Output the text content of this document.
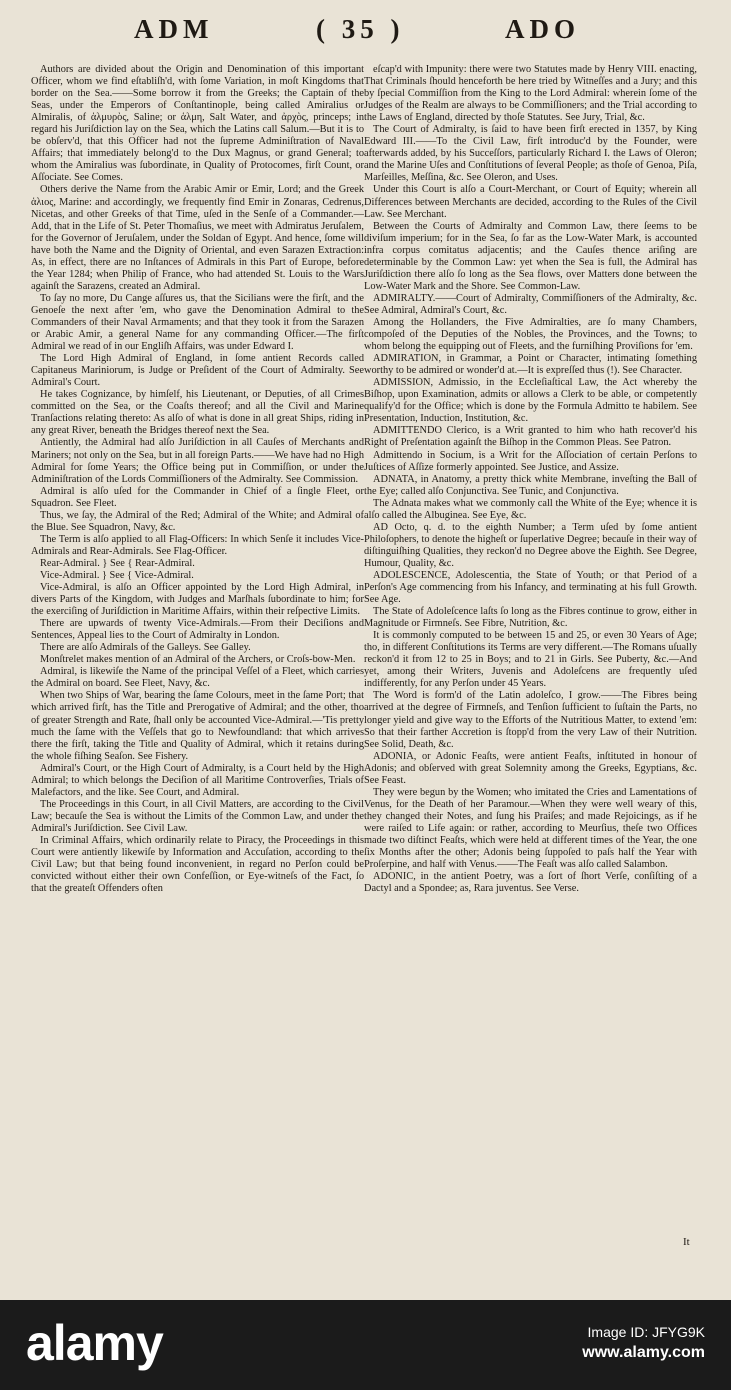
ADM	( 35 )	ADO

Authors are divided about the Origin and Denomination of this important Officer, whom we find eſtabliſh'd, with ſome Variation, in moſt Kingdoms that border on the Sea.——Some borrow it from the Greeks; the Captain of the Seas, under the Emperors of Conſtantinople, being called Amiralius or Almiralis, of ἁλμυρὸς, Saline; or ἁλμη, Salt Water, and ἀρχὸς, princeps; in regard his Juriſdiction lay on the Sea, which the Latins call Salum.—But it is to be obſerv'd, that this Officer had not the ſupreme Adminiſtration of Naval Affairs; that immediately belong'd to the Dux Magnus, or grand General; to whom the Amiralius was ſubordinate, in Quality of Protocomes, firſt Count, or Aſſociate. See Comes.

Others derive the Name from the Arabic Amir or Emir, Lord; and the Greek ἁλιος, Marine: and accordingly, we frequently find Emir in Zonaras, Cedrenus, Nicetas, and other Greeks of that Time, uſed in the Senſe of a Commander.—Add, that in the Life of St. Peter Thomaſius, we meet with Admiratus Jeruſalem, for the Governor of Jeruſalem, under the Soldan of Egypt. And hence, ſome will have both the Name and the Dignity of Oriental, and even Sarazen Extraction: As, in effect, there are no Inſtances of Admirals in this Part of Europe, before the Year 1284; when Philip of France, who had attended St. Louis to the Wars againſt the Sarazens, created an Admiral.

To ſay no more, Du Cange aſſures us, that the Sicilians were the firſt, and the Genoeſe the next after 'em, who gave the Denomination Admiral to the Commanders of their Naval Armaments; and that they took it from the Sarazen or Arabic Amir, a general Name for any commanding Officer.—The firſt Admiral we read of in our Engliſh Affairs, was under Edward I.

The Lord High Admiral of England, in ſome antient Records called Capitaneus Mariniorum, is Judge or Preſident of the Court of Admiralty. See Admiral's Court.

He takes Cognizance, by himſelf, his Lieutenant, or Deputies, of all Crimes committed on the Sea, or the Coaſts thereof; and all the Civil and Marine Tranſactions relating thereto: As alſo of what is done in all great Ships, riding in any great River, beneath the Bridges thereof next the Sea.

Antiently, the Admiral had alſo Juriſdiction in all Cauſes of Merchants and Mariners; not only on the Sea, but in all foreign Parts.——We have had no High Admiral for ſome Years; the Office being put in Commiſſion, or under the Adminiſtration of the Lords Commiſſioners of the Admiralty. See Commission.

Admiral is alſo uſed for the Commander in Chief of a ſingle Fleet, or Squadron. See Fleet.

Thus, we ſay, the Admiral of the Red; Admiral of the White; and Admiral of the Blue. See Squadron, Navy, &c.

The Term is alſo applied to all Flag-Officers: In which Senſe it includes Vice-Admirals and Rear-Admirals. See Flag-Officer.

Rear-Admiral. } See { Rear-Admiral.

Vice-Admiral. } See { Vice-Admiral.

Vice-Admiral, is alſo an Officer appointed by the Lord High Admiral, in divers Parts of the Kingdom, with Judges and Marſhals ſubordinate to him; for the exerciſing of Juriſdiction in Maritime Affairs, within their reſpective Limits.

There are upwards of twenty Vice-Admirals.—From their Deciſions and Sentences, Appeal lies to the Court of Admiralty in London.

There are alſo Admirals of the Galleys. See Galley.

Monſtrelet makes mention of an Admiral of the Archers, or Croſs-bow-Men.

Admiral, is likewiſe the Name of the principal Veſſel of a Fleet, which carries the Admiral on board. See Fleet, Navy, &c.

When two Ships of War, bearing the ſame Colours, meet in the ſame Port; that which arrived firſt, has the Title and Prerogative of Admiral; and the other, tho of greater Strength and Rate, ſhall only be accounted Vice-Admiral.—'Tis pretty much the ſame with the Veſſels that go to Newfoundland: that which arrives there the firſt, taking the Title and Quality of Admiral, which it retains during the whole fiſhing Seaſon. See Fishery.

Admiral's Court, or the High Court of Admiralty, is a Court held by the High Admiral; to which belongs the Deciſion of all Maritime Controverſies, Trials of Malefactors, and the like. See Court, and Admiral.

The Proceedings in this Court, in all Civil Matters, are according to the Civil Law; becauſe the Sea is without the Limits of the Common Law, and under the Admiral's Juriſdiction. See Civil Law.

In Criminal Affairs, which ordinarily relate to Piracy, the Proceedings in this Court were antiently likewiſe by Information and Accuſation, according to the Civil Law; but that being found inconvenient, in regard no Perſon could be convicted without either their own Confeſſion, or Eye-witneſs of the Fact, ſo that the greateſt Offenders often

eſcap'd with Impunity: there were two Statutes made by Henry VIII. enacting, That Criminals ſhould henceforth be here tried by Witneſſes and a Jury; and this by ſpecial Commiſſion from the King to the Lord Admiral: wherein ſome of the Judges of the Realm are always to be Commiſſioners; and the Trial according to the Laws of England, directed by thoſe Statutes. See Jury, Trial, &c.

The Court of Admiralty, is ſaid to have been firſt erected in 1357, by King Edward III.——To the Civil Law, firſt introduc'd by the Founder, were afterwards added, by his Succeſſors, particularly Richard I. the Laws of Oleron; and the Marine Uſes and Conſtitutions of ſeveral People; as thoſe of Genoa, Piſa, Marſeilles, Meſſina, &c. See Oleron, and Uses.

Under this Court is alſo a Court-Merchant, or Court of Equity; wherein all Differences between Merchants are decided, according to the Rules of the Civil Law. See Merchant.

Between the Courts of Admiralty and Common Law, there ſeems to be diviſum imperium; for in the Sea, ſo far as the Low-Water Mark, is accounted infra corpus comitatus adjacentis; and the Cauſes thence ariſing are determinable by the Common Law: yet when the Sea is full, the Admiral has Juriſdiction there alſo ſo long as the Sea flows, over Matters done between the Low-Water Mark and the Shore. See Common-Law.

ADMIRALTY.——Court of Admiralty, Commiſſioners of the Admiralty, &c. See Admiral, Admiral's Court, &c.

Among the Hollanders, the Five Admiralties, are ſo many Chambers, compoſed of the Deputies of the Nobles, the Provinces, and the Towns; to whom belong the equipping out of Fleets, and the furniſhing Proviſions for 'em.

ADMIRATION, in Grammar, a Point or Character, intimating ſomething worthy to be admired or wonder'd at.—It is expreſſed thus (!). See Character.

ADMISSION, Admissio, in the Eccleſiaſtical Law, the Act whereby the Biſhop, upon Examination, admits or allows a Clerk to be able, or competently qualify'd for the Office; which is done by the Formula Admitto te habilem. See Presentation, Induction, Institution, &c.

ADMITTENDO Clerico, is a Writ granted to him who hath recover'd his Right of Preſentation againſt the Biſhop in the Common Pleas. See Patron.

Admittendo in Socium, is a Writ for the Aſſociation of certain Perſons to Juſtices of Aſſize formerly appointed. See Justice, and Assize.

ADNATA, in Anatomy, a pretty thick white Membrane, inveſting the Ball of the Eye; called alſo Conjunctiva. See Tunic, and Conjunctiva.

The Adnata makes what we commonly call the White of the Eye; whence it is alſo called the Albuginea. See Eye, &c.

AD Octo, q. d. to the eighth Number; a Term uſed by ſome antient Philoſophers, to denote the higheſt or ſuperlative Degree; becauſe in their way of diſtinguiſhing Qualities, they reckon'd no Degree above the Eighth. See Degree, Humour, Quality, &c.

ADOLESCENCE, Adolescentia, the State of Youth; or that Period of a Perſon's Age commencing from his Infancy, and terminating at his full Growth. See Age.

The State of Adoleſcence laſts ſo long as the Fibres continue to grow, either in Magnitude or Firmneſs. See Fibre, Nutrition, &c.

It is commonly computed to be between 15 and 25, or even 30 Years of Age; tho, in different Conſtitutions its Terms are very different.—The Romans uſually reckon'd it from 12 to 25 in Boys; and to 21 in Girls. See Puberty, &c.—And yet, among their Writers, Juvenis and Adoleſcens are frequently uſed indifferently, for any Perſon under 45 Years.

The Word is form'd of the Latin adoleſco, I grow.——The Fibres being arrived at the degree of Firmneſs, and Tenſion ſufficient to ſuſtain the Parts, no longer yield and give way to the Efforts of the Nutritious Matter, to extend 'em: So that their farther Accretion is ſtopp'd from the very Law of their Nutrition. See Solid, Death, &c.

ADONIA, or Adonic Feaſts, were antient Feaſts, inſtituted in honour of Adonis; and obſerved with great Solemnity among the Greeks, Egyptians, &c. See Feast.

They were begun by the Women; who imitated the Cries and Lamentations of Venus, for the Death of her Paramour.—When they were well weary of this, they changed their Notes, and ſung his Praiſes; and made Rejoicings, as if he were raiſed to Life again: or rather, according to Meurſius, theſe two Offices made two diſtinct Feaſts, which were held at different times of the Year, the one ſix Months after the other; Adonis being ſuppoſed to paſs half the Year with Proſerpine, and half with Venus.——The Feaſt was alſo called Salambon.

ADONIC, in the antient Poetry, was a ſort of ſhort Verſe, conſiſting of a Dactyl and a Spondee; as, Rara juventus. See Verse.

It
alamy	Image ID: JFYG9K
www.alamy.com
